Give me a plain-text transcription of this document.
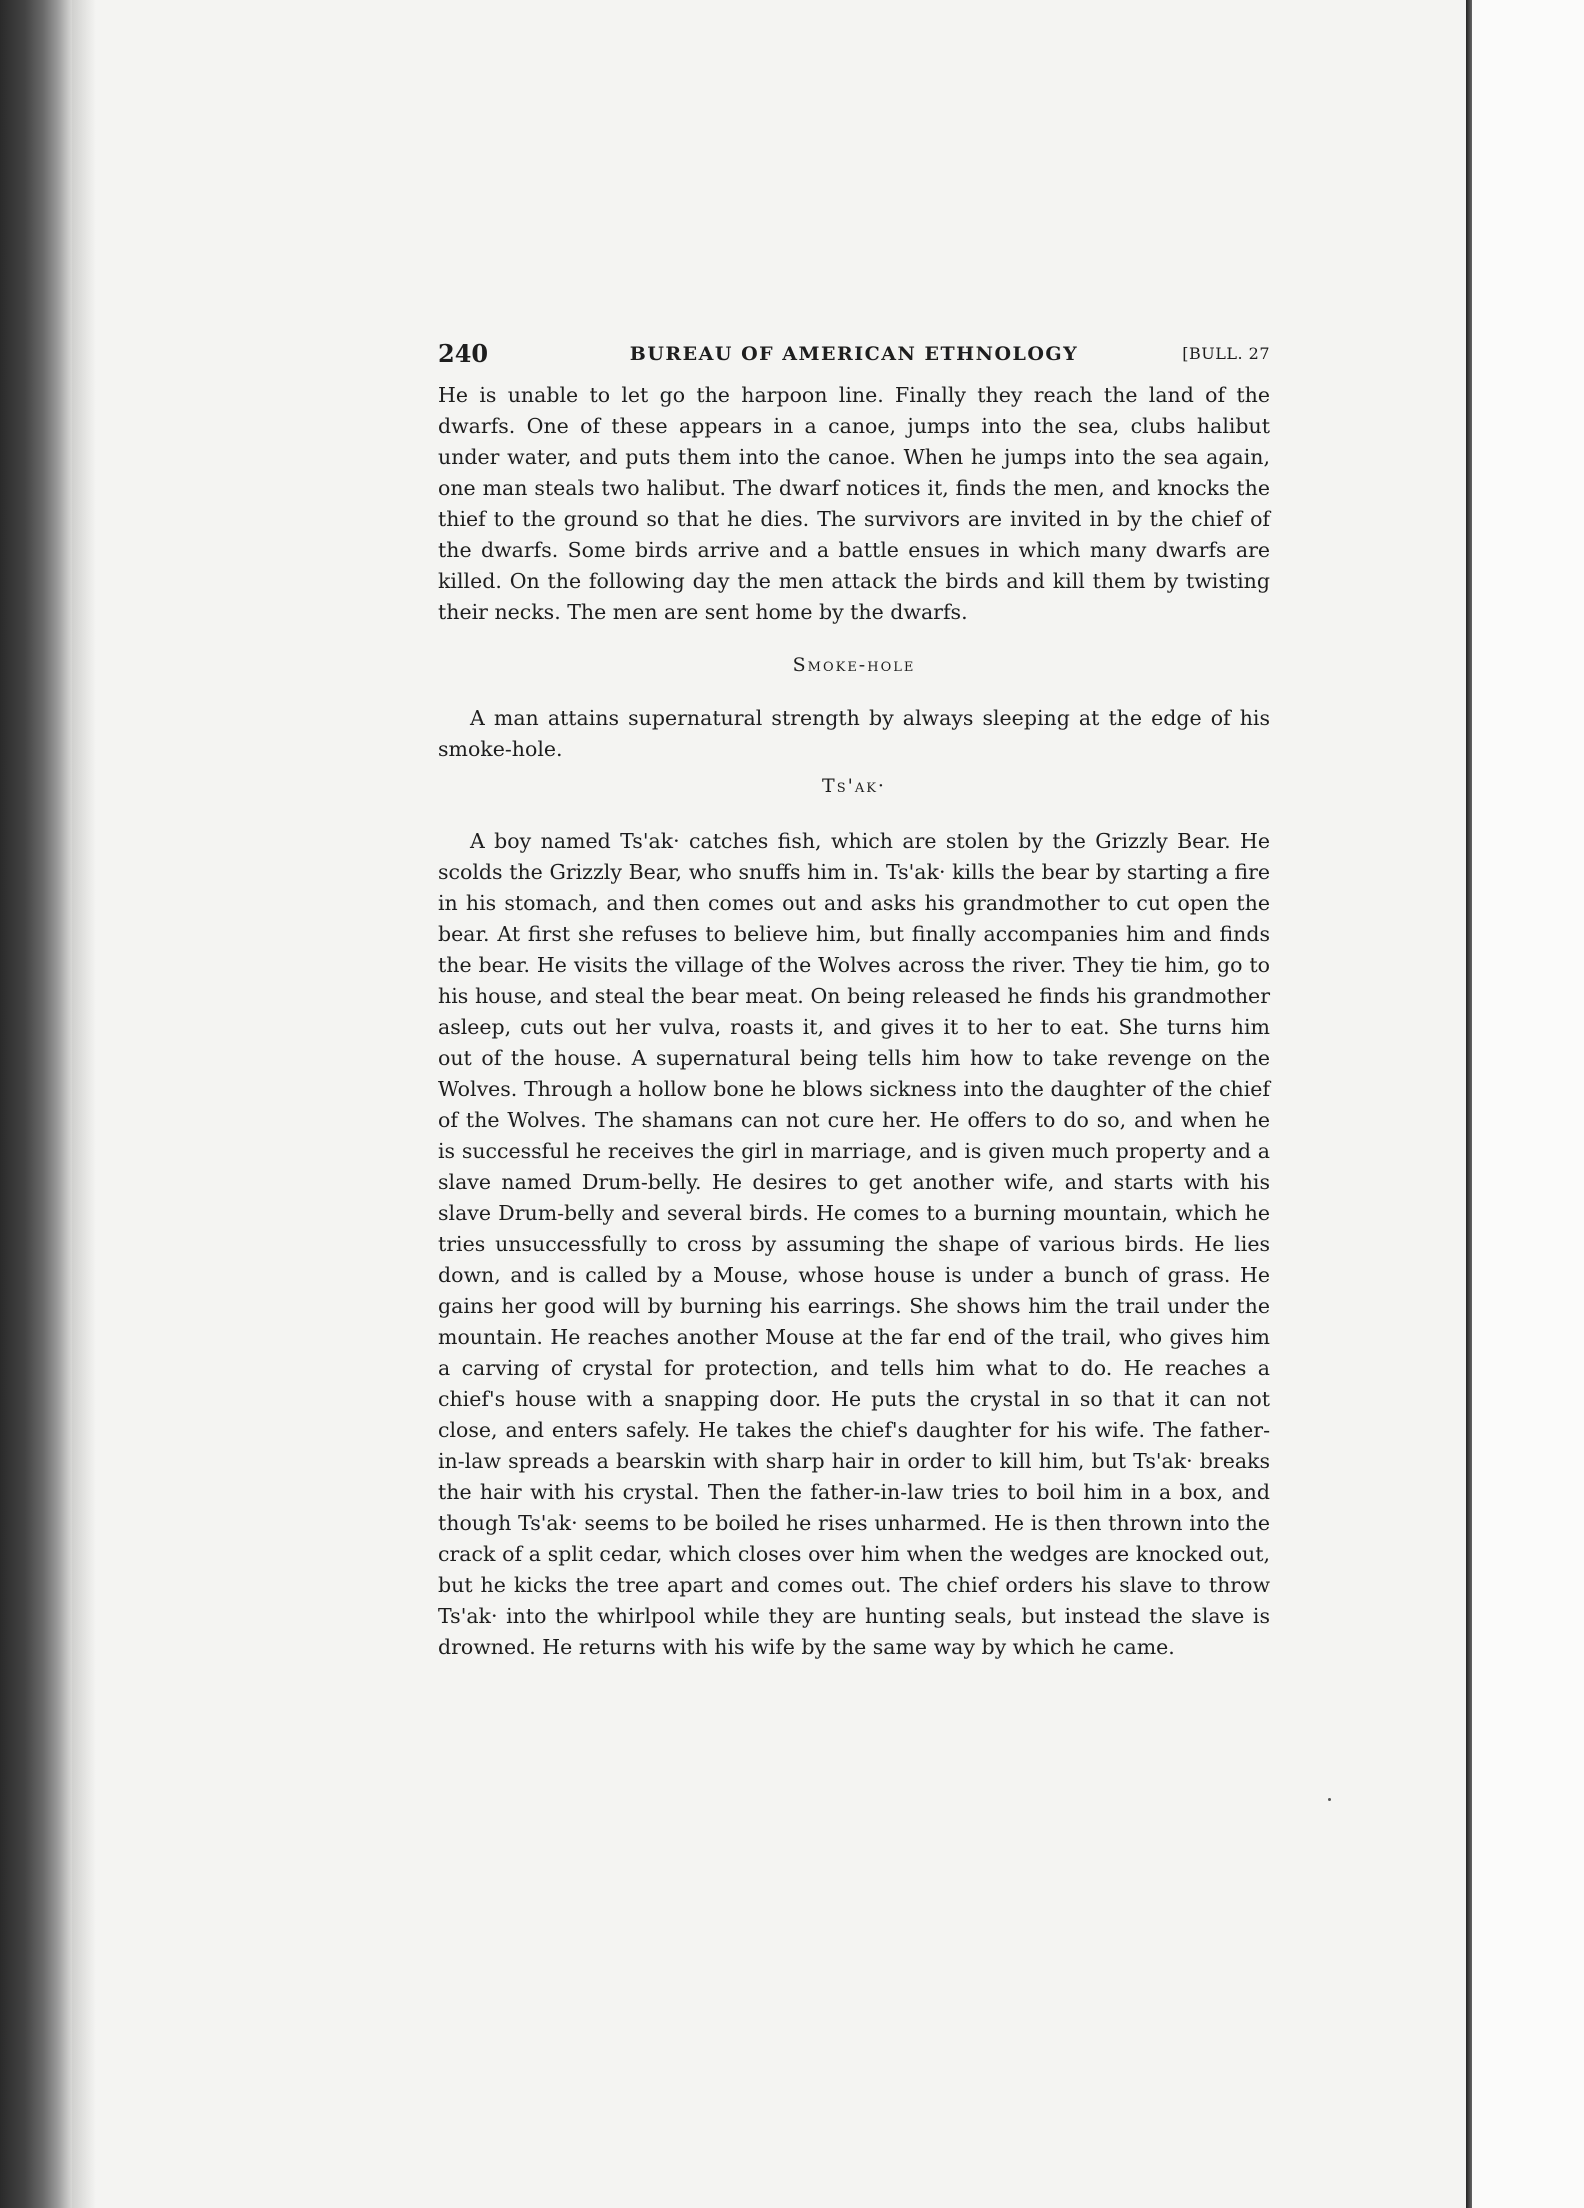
240	BUREAU OF AMERICAN ETHNOLOGY	[BULL. 27

He is unable to let go the harpoon line. Finally they reach the land of the dwarfs. One of these appears in a canoe, jumps into the sea, clubs halibut under water, and puts them into the canoe. When he jumps into the sea again, one man steals two halibut. The dwarf notices it, finds the men, and knocks the thief to the ground so that he dies. The survivors are invited in by the chief of the dwarfs. Some birds arrive and a battle ensues in which many dwarfs are killed. On the following day the men attack the birds and kill them by twisting their necks. The men are sent home by the dwarfs.

Smoke-hole

A man attains supernatural strength by always sleeping at the edge of his smoke-hole.

Ts'ak·

A boy named Ts'ak· catches fish, which are stolen by the Grizzly Bear. He scolds the Grizzly Bear, who snuffs him in. Ts'ak· kills the bear by starting a fire in his stomach, and then comes out and asks his grandmother to cut open the bear. At first she refuses to believe him, but finally accompanies him and finds the bear. He visits the village of the Wolves across the river. They tie him, go to his house, and steal the bear meat. On being released he finds his grandmother asleep, cuts out her vulva, roasts it, and gives it to her to eat. She turns him out of the house. A supernatural being tells him how to take revenge on the Wolves. Through a hollow bone he blows sickness into the daughter of the chief of the Wolves. The shamans can not cure her. He offers to do so, and when he is successful he receives the girl in marriage, and is given much property and a slave named Drum-belly. He desires to get another wife, and starts with his slave Drum-belly and several birds. He comes to a burning mountain, which he tries unsuccessfully to cross by assuming the shape of various birds. He lies down, and is called by a Mouse, whose house is under a bunch of grass. He gains her good will by burning his earrings. She shows him the trail under the mountain. He reaches another Mouse at the far end of the trail, who gives him a carving of crystal for protection, and tells him what to do. He reaches a chief's house with a snapping door. He puts the crystal in so that it can not close, and enters safely. He takes the chief's daughter for his wife. The father-in-law spreads a bearskin with sharp hair in order to kill him, but Ts'ak· breaks the hair with his crystal. Then the father-in-law tries to boil him in a box, and though Ts'ak· seems to be boiled he rises unharmed. He is then thrown into the crack of a split cedar, which closes over him when the wedges are knocked out, but he kicks the tree apart and comes out. The chief orders his slave to throw Ts'ak· into the whirlpool while they are hunting seals, but instead the slave is drowned. He returns with his wife by the same way by which he came.
